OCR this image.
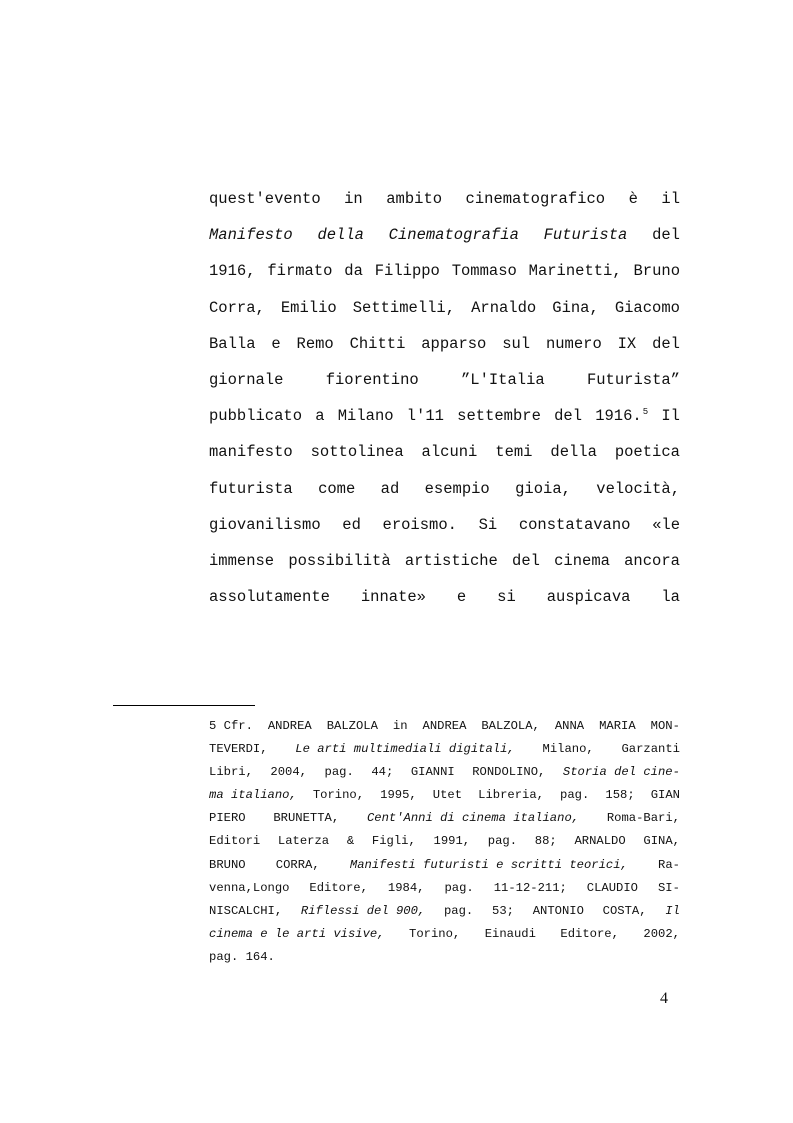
quest'evento in ambito cinematografico è il
Manifesto della Cinematografia Futurista del
1916, firmato da Filippo Tommaso Marinetti, Bruno
Corra, Emilio Settimelli, Arnaldo Gina, Giacomo
Balla e Remo Chitti apparso sul numero IX del
giornale	fiorentino	”L'Italia	Futurista”
pubblicato a Milano l'11 settembre del 1916.$^5$ Il
manifesto sottolinea alcuni temi della poetica
futurista come ad esempio gioia, velocità,
giovanilismo ed eroismo. Si constatavano «le
immense possibilità artistiche del cinema ancora
assolutamente innate» e si auspicava la
5 Cfr. ANDREA BALZOLA in ANDREA BALZOLA, ANNA MARIA MON-
TEVERDI, Le arti multimediali digitali, Milano, Garzanti
Libri, 2004, pag. 44; GIANNI RONDOLINO, Storia del cine-
ma italiano, Torino, 1995, Utet Libreria, pag. 158; GIAN
PIERO BRUNETTA, Cent'Anni di cinema italiano, Roma-Bari,
Editori Laterza & Figli, 1991, pag. 88; ARNALDO GINA,
BRUNO CORRA, Manifesti futuristi e scritti teorici, Ra-
venna,Longo Editore, 1984, pag. 11-12-211; CLAUDIO SI-
NISCALCHI, Riflessi del 900, pag. 53; ANTONIO COSTA, Il
cinema e le arti visive, Torino, Einaudi Editore, 2002,
pag. 164.
4
